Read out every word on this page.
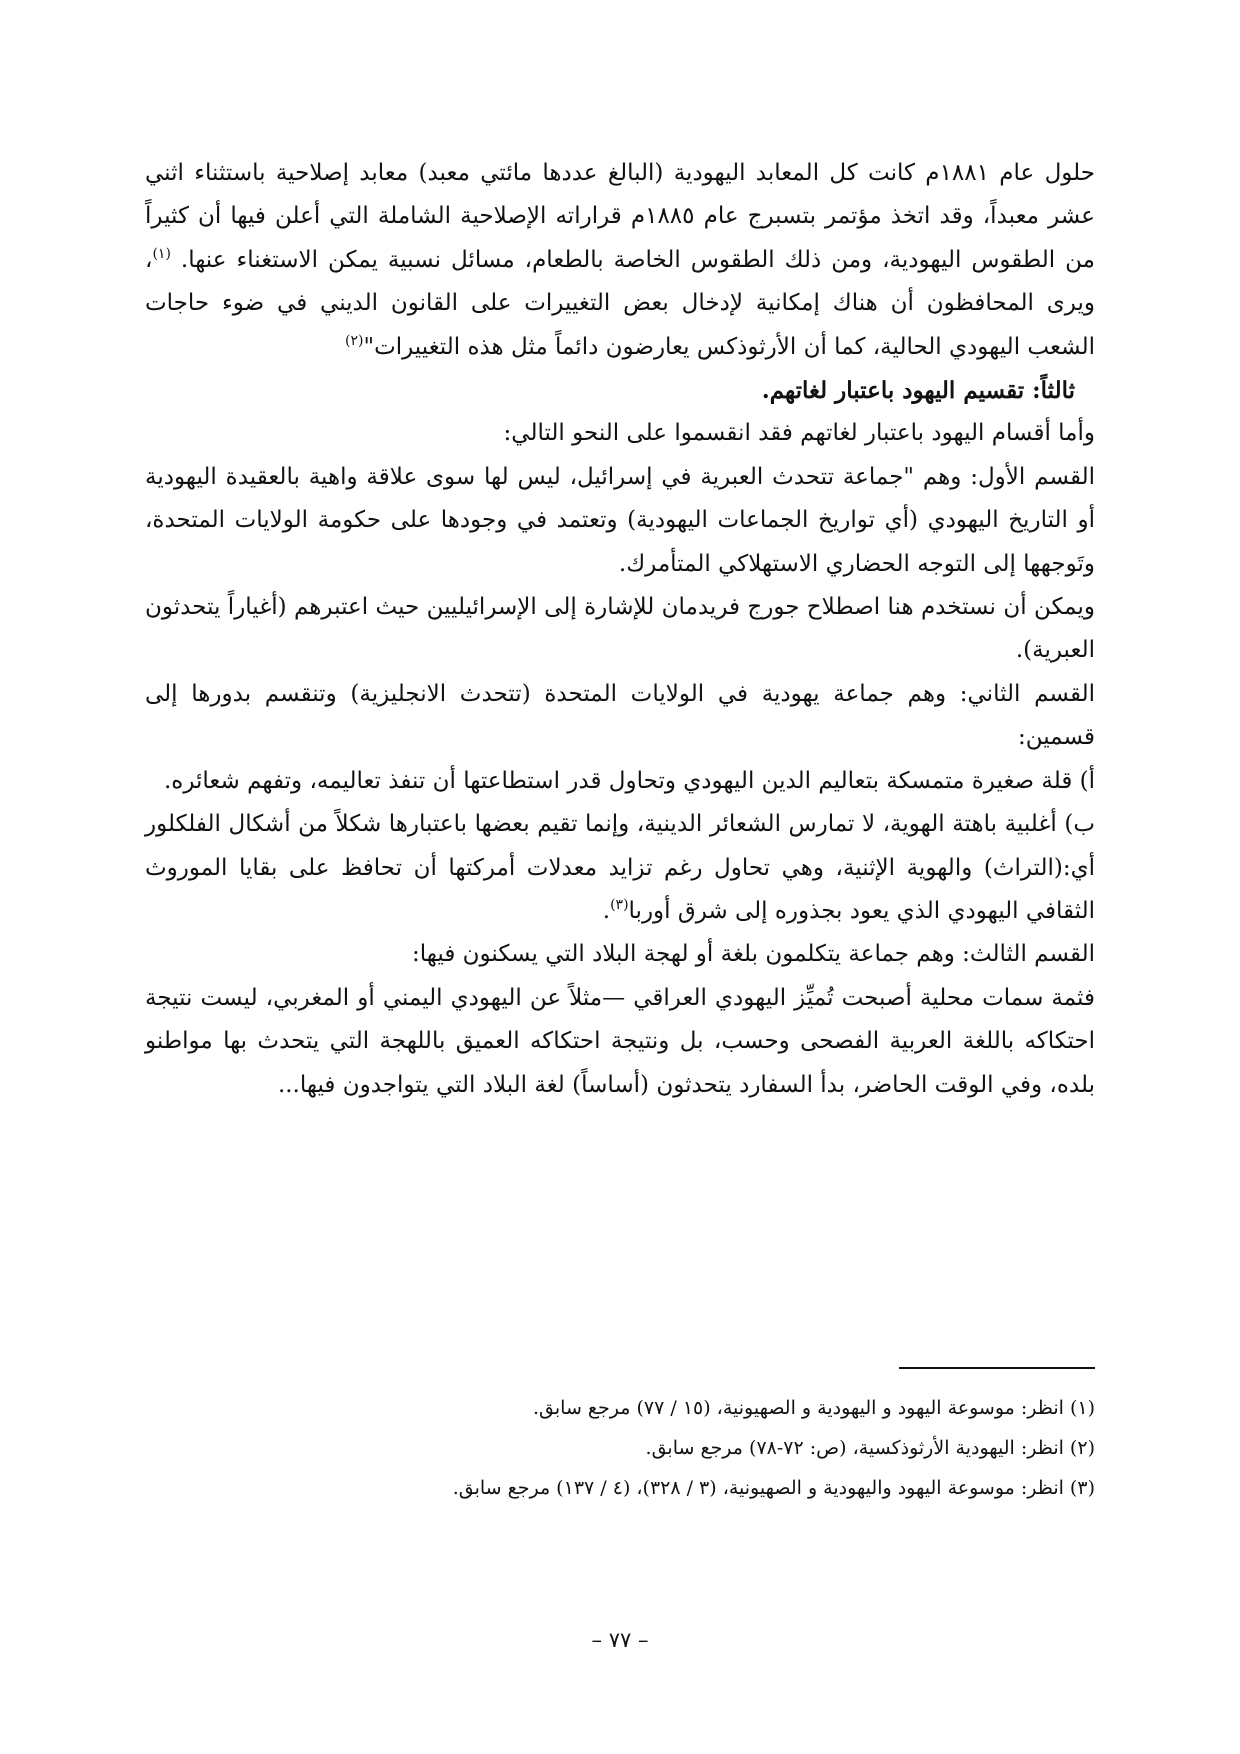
حلول عام ١٨٨١م كانت كل المعابد اليهودية (البالغ عددها مائتي معبد) معابد إصلاحية باستثناء اثني عشر معبداً، وقد اتخذ مؤتمر بتسبرج عام ١٨٨٥م قراراته الإصلاحية الشاملة التي أعلن فيها أن كثيراً من الطقوس اليهودية، ومن ذلك الطقوس الخاصة بالطعام، مسائل نسبية يمكن الاستغناء عنها. $^{(١)}$، ويرى المحافظون أن هناك إمكانية لإدخال بعض التغييرات على القانون الديني في ضوء حاجات الشعب اليهودي الحالية، كما أن الأرثوذكس يعارضون دائماً مثل هذه التغييرات"$^{(٢)}$

ثالثاً: تقسيم اليهود باعتبار لغاتهم.

وأما أقسام اليهود باعتبار لغاتهم فقد انقسموا على النحو التالي:

القسم الأول: وهم "جماعة تتحدث العبرية في إسرائيل، ليس لها سوى علاقة واهية بالعقيدة اليهودية أو التاريخ اليهودي (أي تواريخ الجماعات اليهودية) وتعتمد في وجودها على حكومة الولايات المتحدة، وتَوجهها إلى التوجه الحضاري الاستهلاكي المتأمرك.

ويمكن أن نستخدم هنا اصطلاح جورج فريدمان للإشارة إلى الإسرائيليين حيث اعتبرهم (أغياراً يتحدثون العبرية).

القسم الثاني: وهم جماعة يهودية في الولايات المتحدة (تتحدث الانجليزية) وتنقسم بدورها إلى قسمين:

أ) قلة صغيرة متمسكة بتعاليم الدين اليهودي وتحاول قدر استطاعتها أن تنفذ تعاليمه، وتفهم شعائره.

ب) أغلبية باهتة الهوية، لا تمارس الشعائر الدينية، وإنما تقيم بعضها باعتبارها شكلاً من أشكال الفلكلور أي:(التراث) والهوية الإثنية، وهي تحاول رغم تزايد معدلات أمركتها أن تحافظ على بقايا الموروث الثقافي اليهودي الذي يعود بجذوره إلى شرق أوربا$^{(٣)}$.

القسم الثالث: وهم جماعة يتكلمون بلغة أو لهجة البلاد التي يسكنون فيها:

فثمة سمات محلية أصبحت تُميِّز اليهودي العراقي —مثلاً عن اليهودي اليمني أو المغربي، ليست نتيجة احتكاكه باللغة العربية الفصحى وحسب، بل ونتيجة احتكاكه العميق باللهجة التي يتحدث بها مواطنو بلده، وفي الوقت الحاضر، بدأ السفارد يتحدثون (أساساً) لغة البلاد التي يتواجدون فيها...

(١) انظر: موسوعة اليهود و اليهودية و الصهيونية، (١٥ / ٧٧) مرجع سابق.

(٢) انظر: اليهودية الأرثوذكسية، (ص: ٧٢-٧٨) مرجع سابق.

(٣) انظر: موسوعة اليهود واليهودية و الصهيونية، (٣ / ٣٢٨)، (٤ / ١٣٧) مرجع سابق.

– ٧٧ –
